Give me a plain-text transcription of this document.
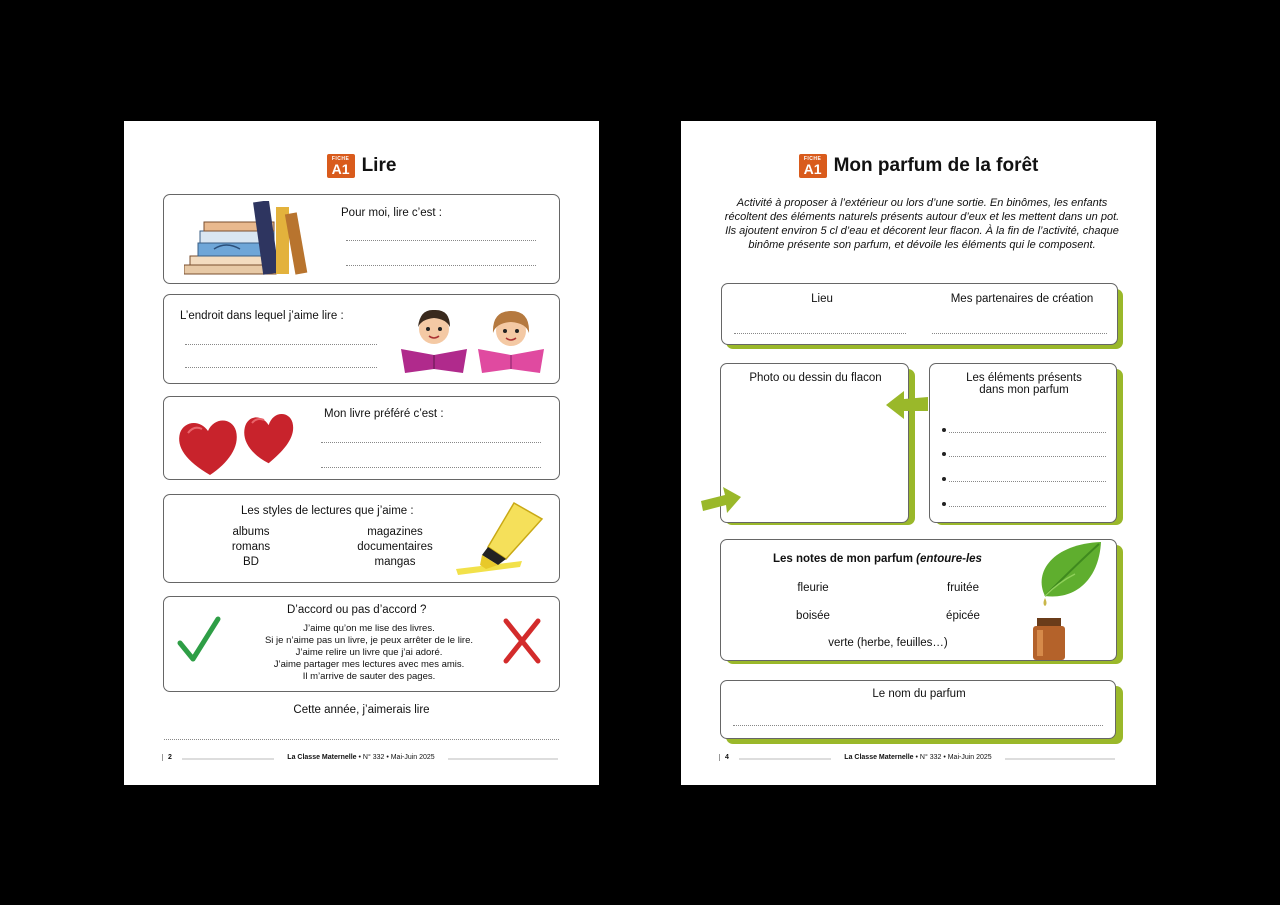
FICHE
A1 Lire
Pour moi, lire c’est :
L’endroit dans lequel j’aime lire :
Mon livre préféré c’est :
Les styles de lectures que j’aime :
albums
romans
BD
magazines
documentaires
mangas
D’accord ou pas d’accord ?
J’aime qu’on me lise des livres.
Si je n’aime pas un livre, je peux arrêter de le lire.
J’aime relire un livre que j’ai adoré.
J’aime partager mes lectures avec mes amis.
Il m’arrive de sauter des pages.
Cette année, j’aimerais lire
2	La Classe Maternelle • N° 332 • Mai-Juin 2025
FICHE
A1 Mon parfum de la forêt
Activité à proposer à l’extérieur ou lors d’une sortie. En binômes, les enfants récoltent des éléments naturels présents autour d’eux et les mettent dans un pot. Ils ajoutent environ 5 cl d’eau et décorent leur flacon. À la fin de l’activité, chaque binôme présente son parfum, et dévoile les éléments qui le composent.
Lieu	Mes partenaires de création
Photo ou dessin du flacon	Les éléments présents
dans mon parfum
Les notes de mon parfum (entoure-les
fleurie	fruitée
boisée	épicée
verte (herbe, feuilles…)
Le nom du parfum
4	La Classe Maternelle • N° 332 • Mai-Juin 2025
